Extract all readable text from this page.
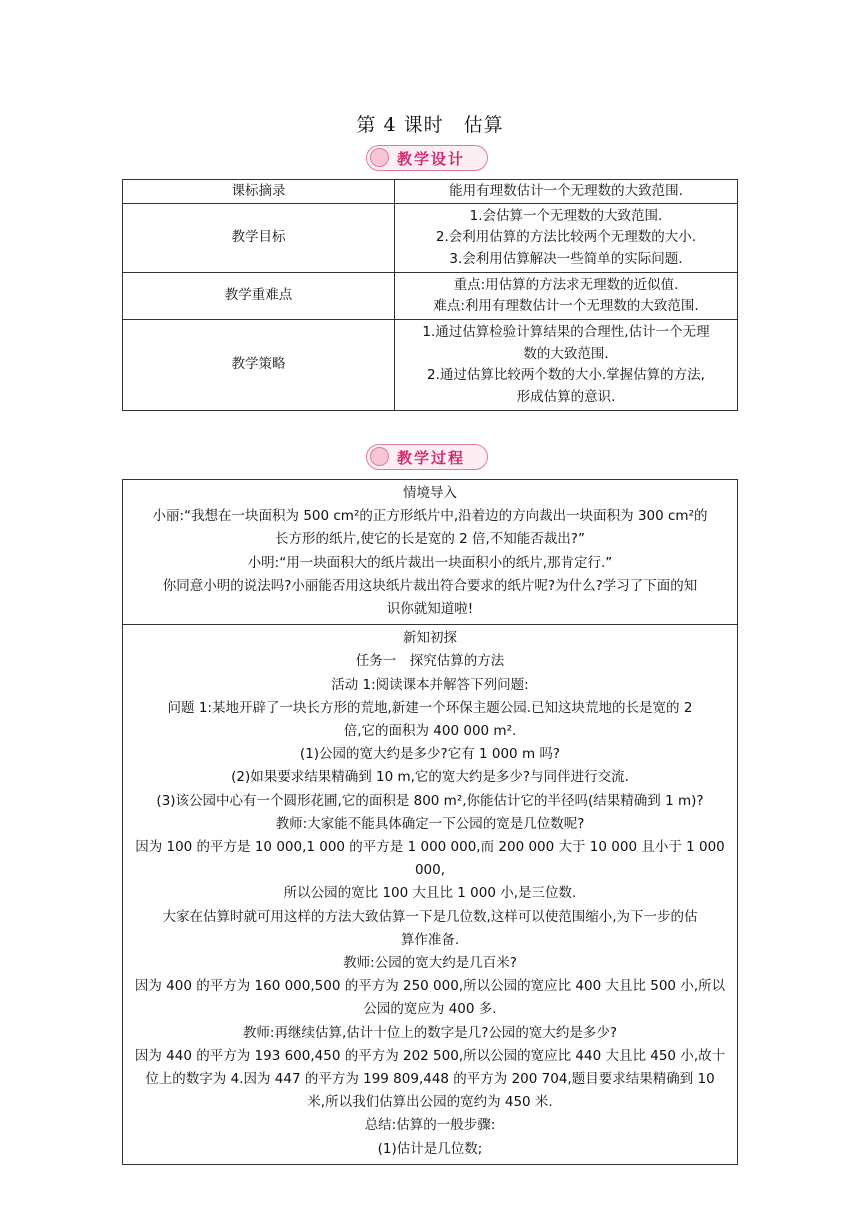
第 4 课时　估算
教学设计
课标摘录	能用有理数估计一个无理数的大致范围.

教学目标	1.会估算一个无理数的大致范围.
2.会利用估算的方法比较两个无理数的大小.
3.会利用估算解决一些简单的实际问题.

教学重难点	重点:用估算的方法求无理数的近似值.
难点:利用有理数估计一个无理数的大致范围.

教学策略	1.通过估算检验计算结果的合理性,估计一个无理
数的大致范围.
2.通过估算比较两个数的大小.掌握估算的方法,
形成估算的意识.
教学过程
情境导入
小丽:“我想在一块面积为 500 cm²的正方形纸片中,沿着边的方向裁出一块面积为 300 cm²的
长方形的纸片,使它的长是宽的 2 倍,不知能否裁出?”
小明:“用一块面积大的纸片裁出一块面积小的纸片,那肯定行.”
你同意小明的说法吗?小丽能否用这块纸片裁出符合要求的纸片呢?为什么?学习了下面的知
识你就知道啦!

新知初探
任务一　探究估算的方法
活动 1:阅读课本并解答下列问题:
问题 1:某地开辟了一块长方形的荒地,新建一个环保主题公园.已知这块荒地的长是宽的 2
倍,它的面积为 400 000 m².
(1)公园的宽大约是多少?它有 1 000 m 吗?
(2)如果要求结果精确到 10 m,它的宽大约是多少?与同伴进行交流.
(3)该公园中心有一个圆形花圃,它的面积是 800 m²,你能估计它的半径吗(结果精确到 1 m)?
教师:大家能不能具体确定一下公园的宽是几位数呢?
因为 100 的平方是 10 000,1 000 的平方是 1 000 000,而 200 000 大于 10 000 且小于 1 000 000,
所以公园的宽比 100 大且比 1 000 小,是三位数.
大家在估算时就可用这样的方法大致估算一下是几位数,这样可以使范围缩小,为下一步的估
算作准备.
教师:公园的宽大约是几百米?
因为 400 的平方为 160 000,500 的平方为 250 000,所以公园的宽应比 400 大且比 500 小,所以
公园的宽应为 400 多.
教师:再继续估算,估计十位上的数字是几?公园的宽大约是多少?
因为 440 的平方为 193 600,450 的平方为 202 500,所以公园的宽应比 440 大且比 450 小,故十
位上的数字为 4.因为 447 的平方为 199 809,448 的平方为 200 704,题目要求结果精确到 10
米,所以我们估算出公园的宽约为 450 米.
总结:估算的一般步骤:
(1)估计是几位数;
